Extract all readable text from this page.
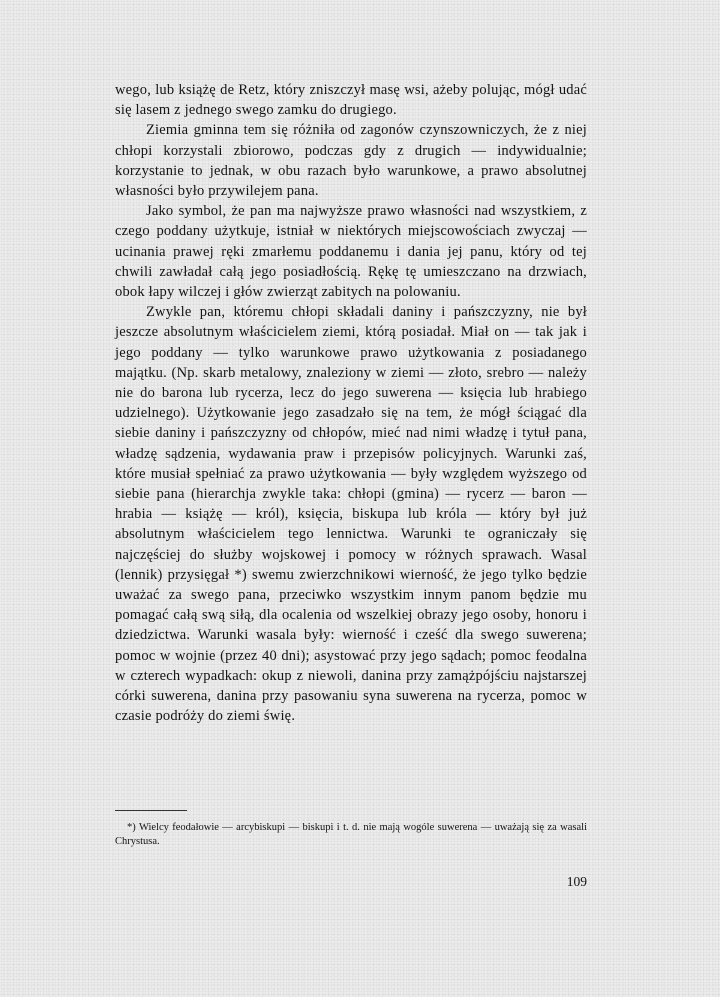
wego, lub książę de Retz, który zniszczył masę wsi, ażeby polując, mógł udać się lasem z jednego swego zamku do drugiego.

Ziemia gminna tem się różniła od zagonów czynszowniczych, że z niej chłopi korzystali zbiorowo, podczas gdy z drugich — indywidualnie; korzystanie to jednak, w obu razach było warunkowe, a prawo absolutnej własności było przywilejem pana.

Jako symbol, że pan ma najwyższe prawo własności nad wszystkiem, z czego poddany użytkuje, istniał w niektórych miejscowościach zwyczaj — ucinania prawej ręki zmarłemu poddanemu i dania jej panu, który od tej chwili zawładał całą jego posiadłością. Rękę tę umieszczano na drzwiach, obok łapy wilczej i głów zwierząt zabitych na polowaniu.

Zwykle pan, któremu chłopi składali daniny i pańszczyzny, nie był jeszcze absolutnym właścicielem ziemi, którą posiadał. Miał on — tak jak i jego poddany — tylko warunkowe prawo użytkowania z posiadanego majątku. (Np. skarb metalowy, znaleziony w ziemi — złoto, srebro — należy nie do barona lub rycerza, lecz do jego suwerena — księcia lub hrabiego udzielnego). Użytkowanie jego zasadzało się na tem, że mógł ściągać dla siebie daniny i pańszczyzny od chłopów, mieć nad nimi władzę i tytuł pana, władzę sądzenia, wydawania praw i przepisów policyjnych. Warunki zaś, które musiał spełniać za prawo użytkowania — były względem wyższego od siebie pana (hierarchja zwykle taka: chłopi (gmina) — rycerz — baron — hrabia — książę — król), księcia, biskupa lub króla — który był już absolutnym właścicielem tego lennictwa. Warunki te ograniczały się najczęściej do służby wojskowej i pomocy w różnych sprawach. Wasal (lennik) przysięgał *) swemu zwierzchnikowi wierność, że jego tylko będzie uważać za swego pana, przeciwko wszystkim innym panom będzie mu pomagać całą swą siłą, dla ocalenia od wszelkiej obrazy jego osoby, honoru i dziedzictwa. Warunki wasala były: wierność i cześć dla swego suwerena; pomoc w wojnie (przez 40 dni); asystować przy jego sądach; pomoc feodalna w czterech wypadkach: okup z niewoli, danina przy zamążpójściu najstarszej córki suwerena, danina przy pasowaniu syna suwerena na rycerza, pomoc w czasie podróży do ziemi świę.

*) Wielcy feodałowie — arcybiskupi — biskupi i t. d. nie mają wogóle suwerena — uważają się za wasali Chrystusa.

109
